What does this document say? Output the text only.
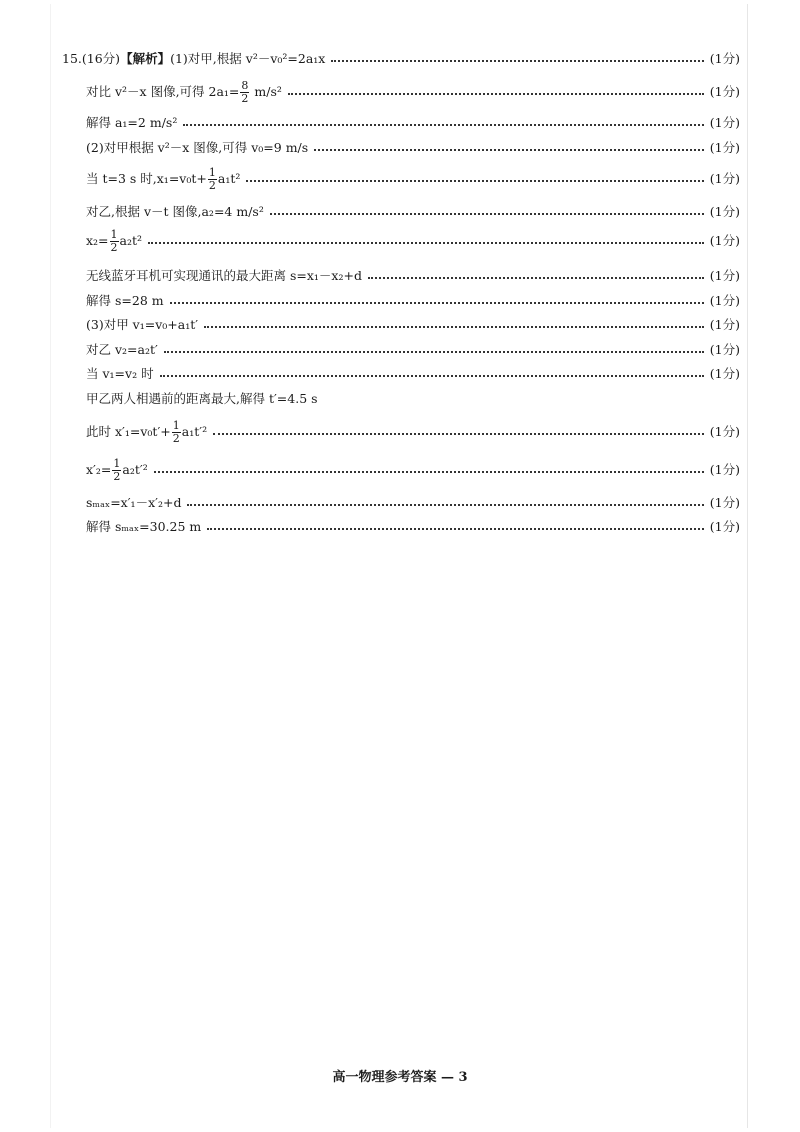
15. (16分) 【解析】 (1)对甲,根据 v²－v₀²=2a₁x	(1分)
对比 v²－x 图像,可得 $2a_1= \frac{8}{2} m/s^2$	(1分)
解得 a₁=2 m/s²	(1分)
(2)对甲根据 v²－x 图像,可得 v₀=9 m/s	(1分)
当 t=3 s 时$,x_1=v_0t+ \frac{1}{2} a_1t^2$	(1分)
对乙,根据 v－t 图像,a₂=4 m/s²	(1分)
$x_2= \frac{1}{2} a_2t^2$	(1分)
无线蓝牙耳机可实现通讯的最大距离 s=x₁－x₂+d	(1分)
解得 s=28 m	(1分)
(3)对甲 v₁=v₀+a₁t′	(1分)
对乙 v₂=a₂t′	(1分)
当 v₁=v₂ 时	(1分)
甲乙两人相遇前的距离最大,解得 t′=4.5 s
此时 $x'_1=v_0t'+ \frac{1}{2} a_1t'^2$	(1分)
$x'_2= \frac{1}{2} a_2t'^2$	(1分)
sₘₐₓ=x′₁－x′₂+d	(1分)
解得 sₘₐₓ=30.25 m	(1分)
高一物理参考答案 — 3
